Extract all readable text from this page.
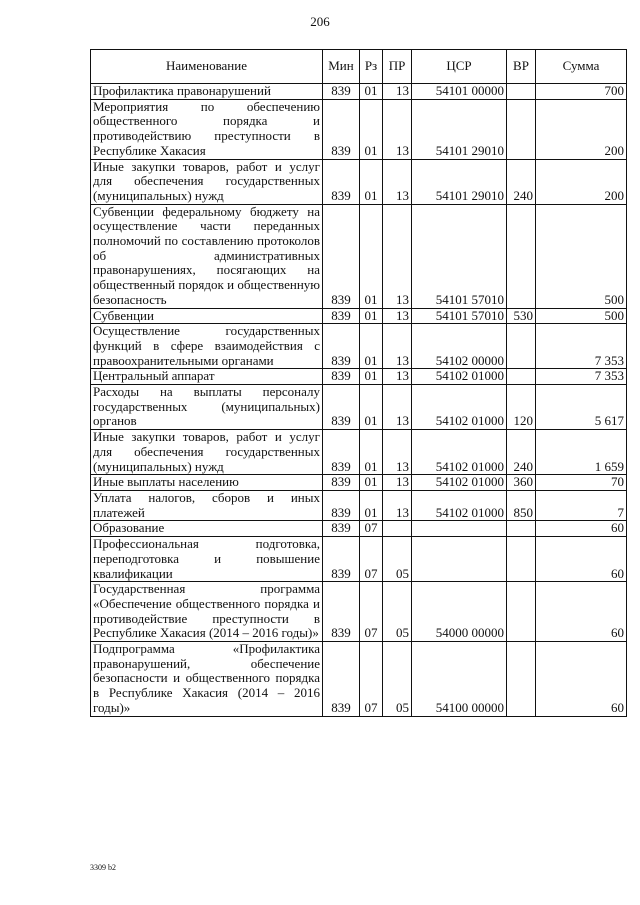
206
Наименование	Мин	Рз	ПР	ЦСР	ВР	Сумма
Профилактика правонарушений	839	01	13	54101 00000		700
Мероприятия по обеспечению общественного порядка и противодействию преступности в Республике Хакасия	839	01	13	54101 29010		200
Иные закупки товаров, работ и услуг для обеспечения государственных (муниципальных) нужд	839	01	13	54101 29010	240	200
Субвенции федеральному бюджету на осуществление части переданных полномочий по составлению протоколов об административных правонарушениях, посягающих на общественный порядок и общественную безопасность	839	01	13	54101 57010		500
Субвенции	839	01	13	54101 57010	530	500
Осуществление государственных функций в сфере взаимодействия с правоохранительными органами	839	01	13	54102 00000		7 353
Центральный аппарат	839	01	13	54102 01000		7 353
Расходы на выплаты персоналу государственных (муниципальных) органов	839	01	13	54102 01000	120	5 617
Иные закупки товаров, работ и услуг для обеспечения государственных (муниципальных) нужд	839	01	13	54102 01000	240	1 659
Иные выплаты населению	839	01	13	54102 01000	360	70
Уплата налогов, сборов и иных платежей	839	01	13	54102 01000	850	7
Образование	839	07				60
Профессиональная подготовка, переподготовка и повышение квалификации	839	07	05			60
Государственная программа «Обеспечение общественного порядка и противодействие преступности в Республике Хакасия (2014 – 2016 годы)»	839	07	05	54000 00000		60
Подпрограмма «Профилактика правонарушений, обеспечение безопасности и общественного порядка в Республике Хакасия (2014 – 2016 годы)»	839	07	05	54100 00000		60
3309 b2
